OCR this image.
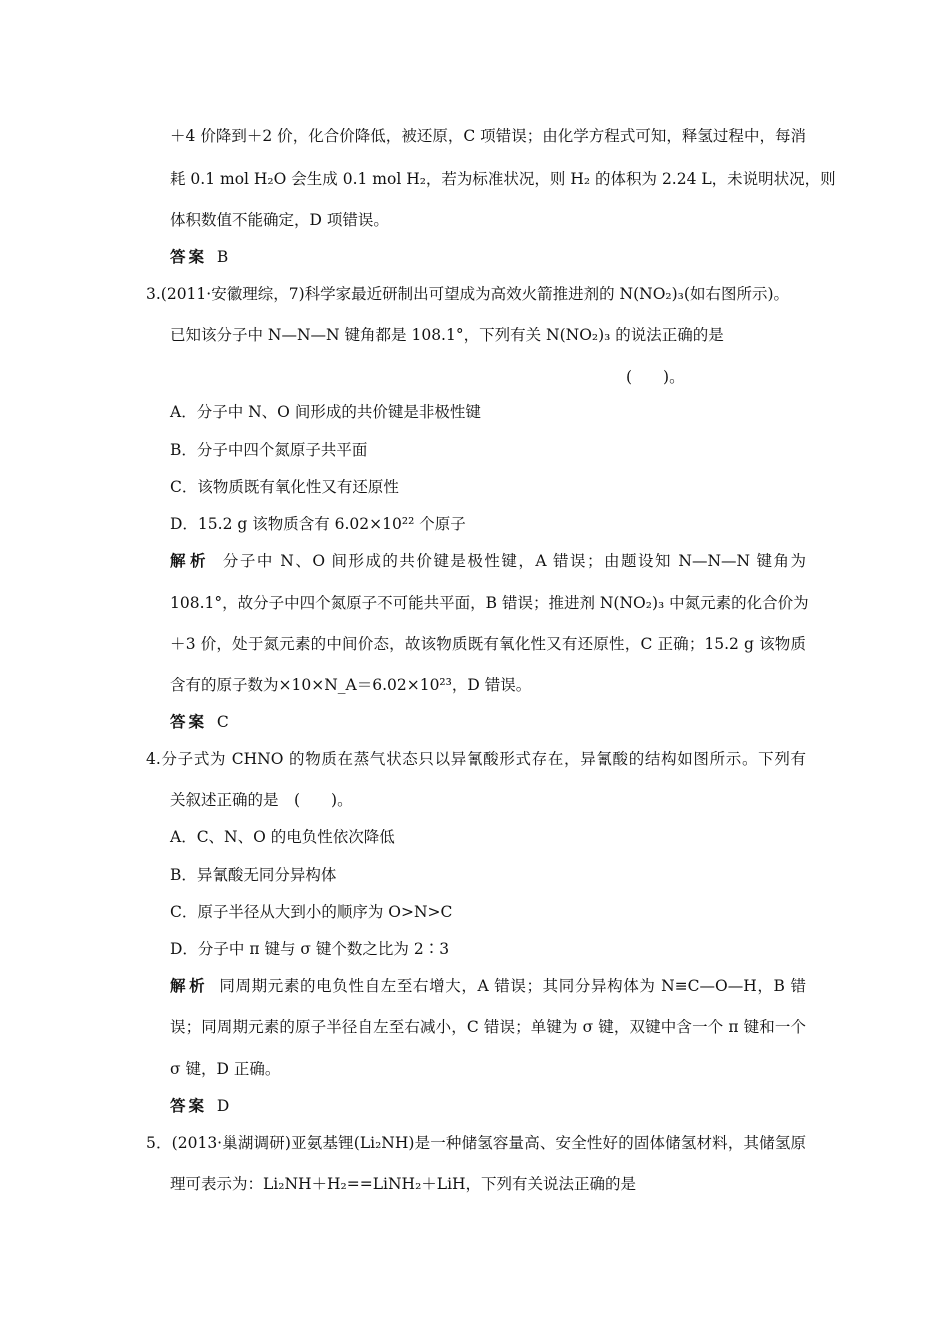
＋4 价降到＋2 价，化合价降低，被还原，C 项错误；由化学方程式可知，释氢过程中，每消
耗 0.1 mol H₂O 会生成 0.1 mol H₂，若为标准状况，则 H₂ 的体积为 2.24 L，未说明状况，则
体积数值不能确定，D 项错误。
答案 B
3.(2011·安徽理综，7)科学家最近研制出可望成为高效火箭推进剂的 N(NO₂)₃(如右图所示)。
已知该分子中 N—N—N 键角都是 108.1°，下列有关 N(NO₂)₃ 的说法正确的是
(　　)。
A．分子中 N、O 间形成的共价键是非极性键
B．分子中四个氮原子共平面
C．该物质既有氧化性又有还原性
D．15.2 g 该物质含有 6.02×10²² 个原子
解析 分子中 N、O 间形成的共价键是极性键，A 错误；由题设知 N—N—N 键角为
108.1°，故分子中四个氮原子不可能共平面，B 错误；推进剂 N(NO₂)₃ 中氮元素的化合价为
＋3 价，处于氮元素的中间价态，故该物质既有氧化性又有还原性，C 正确；15.2 g 该物质
含有的原子数为×10×N_A＝6.02×10²³，D 错误。
答案 C
4.分子式为 CHNO 的物质在蒸气状态只以异氰酸形式存在，异氰酸的结构如图所示。下列有
关叙述正确的是　(　　)。
A．C、N、O 的电负性依次降低
B．异氰酸无同分异构体
C．原子半径从大到小的顺序为 O>N>C
D．分子中 π 键与 σ 键个数之比为 2∶3
解析 同周期元素的电负性自左至右增大，A 错误；其同分异构体为 N≡C—O—H，B 错
误；同周期元素的原子半径自左至右减小，C 错误；单键为 σ 键，双键中含一个 π 键和一个
σ 键，D 正确。
答案 D
5．(2013·巢湖调研)亚氨基锂(Li₂NH)是一种储氢容量高、安全性好的固体储氢材料，其储氢原
理可表示为：Li₂NH＋H₂==LiNH₂＋LiH，下列有关说法正确的是
